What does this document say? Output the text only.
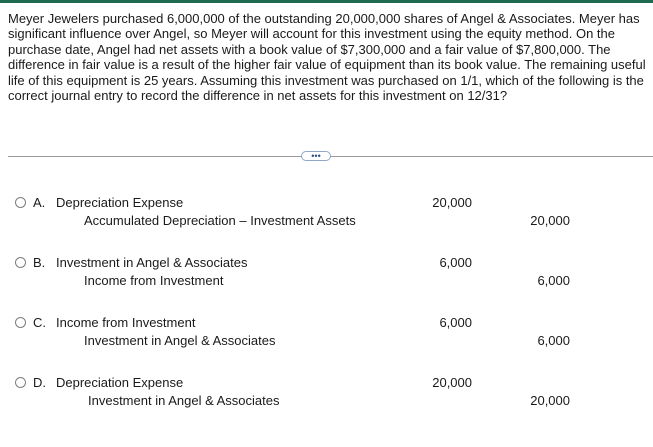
Meyer Jewelers purchased 6,000,000 of the outstanding 20,000,000 shares of Angel & Associates. Meyer has significant influence over Angel, so Meyer will account for this investment using the equity method. On the purchase date, Angel had net assets with a book value of $7,300,000 and a fair value of $7,800,000. The difference in fair value is a result of the higher fair value of equipment than its book value. The remaining useful life of this equipment is 25 years. Assuming this investment was purchased on 1/1, which of the following is the correct journal entry to record the difference in net assets for this investment on 12/31?

•••
A. Depreciation Expense
Accumulated Depreciation – Investment Assets
20,000
20,000
B. Investment in Angel & Associates
Income from Investment
6,000
6,000
C. Income from Investment
Investment in Angel & Associates
6,000
6,000
D. Depreciation Expense
Investment in Angel & Associates
20,000
20,000
